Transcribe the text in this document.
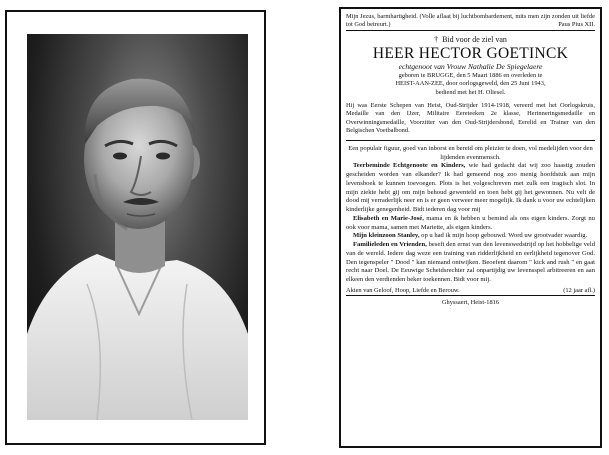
Mijn Jezus, barmhartigheid. (Volle aflaat bij luchtbombardement, mits men zijn zonden uit liefde tot God betreurt.)	Paus Pius XII.
† Bid voor de ziel van
HEER HECTOR GOETINCK
echtgenoot van Vrouw Nathalie De Spiegelaere
geboren te BRUGGE, den 5 Maart 1886 en overleden te
HEIST-AAN-ZEE, door oorlogsgeweld, den 25 Juni 1943,
bediend met het H. Oliesel.
Hij was Eerste Schepen van Heist, Oud-Strijder 1914-1918, vereerd met het Oorlogskruis, Medaille van den IJzer, Militaire Eereteeken 2e klasse, Herinneringsmedaille en Overwinningsmedaille, Voorzitter van den Oud-Strijdersbond, Eerelid en Trainer van den Belgischen Voetbalbond.

Een populair figuur, goed van inborst en bereid om pleizier te doen, vol medelijden voor den lijdenden evenmensch.

Teerbeminde Echtgenoote en Kinders, wie had gedacht dat wij zoo haastig zouden gescheiden worden van elkander? Ik had gemeend nog zoo menig hoofdstuk aan mijn levensboek te kunnen toevoegen. Plots is het volgeschreven met zulk een tragisch slot. In mijn ziekte hebt gij om mijn behoud gewenteld en toen hebt gij het gewonnen. Nu velt de dood mij verraderlijk neer en is er geen verweer meer mogelijk. Ik dank u voor uw echtelijken kinderlijke genegenheid. Bidt iederen dag voor mij

Elisabeth en Marie-José, mama en ik hebben u bemind als ons eigen kinders. Zorgt nu ook voor mama, samen met Mariette, als eigen kinders.

Mijn kleinzoon Stanley, op u had ik mijn hoop gebouwd. Word uw grootvader waardig.

Familieleden en Vrienden, beseft den ernst van den levenswedstrijd op het hobbelige veld van de wereld. Iedere dag weze een training van ridderlijkheid en eerlijkheid tegenover God. Den tegenspeler " Dood " kan niemand ontwijken. Beoefent daarom " kick and rush " en gaat recht naar Doel. De Eeuwige Scheidsrechter zal onpartijdig uw levensspel arbitreeren en aan elkeen den verdienden beker toekennen. Bidt voor mij.

Akten van Geloof, Hoop, Liefde en Berouw.	(12 jaar afl.)
Ghyssaert, Heist-1816
